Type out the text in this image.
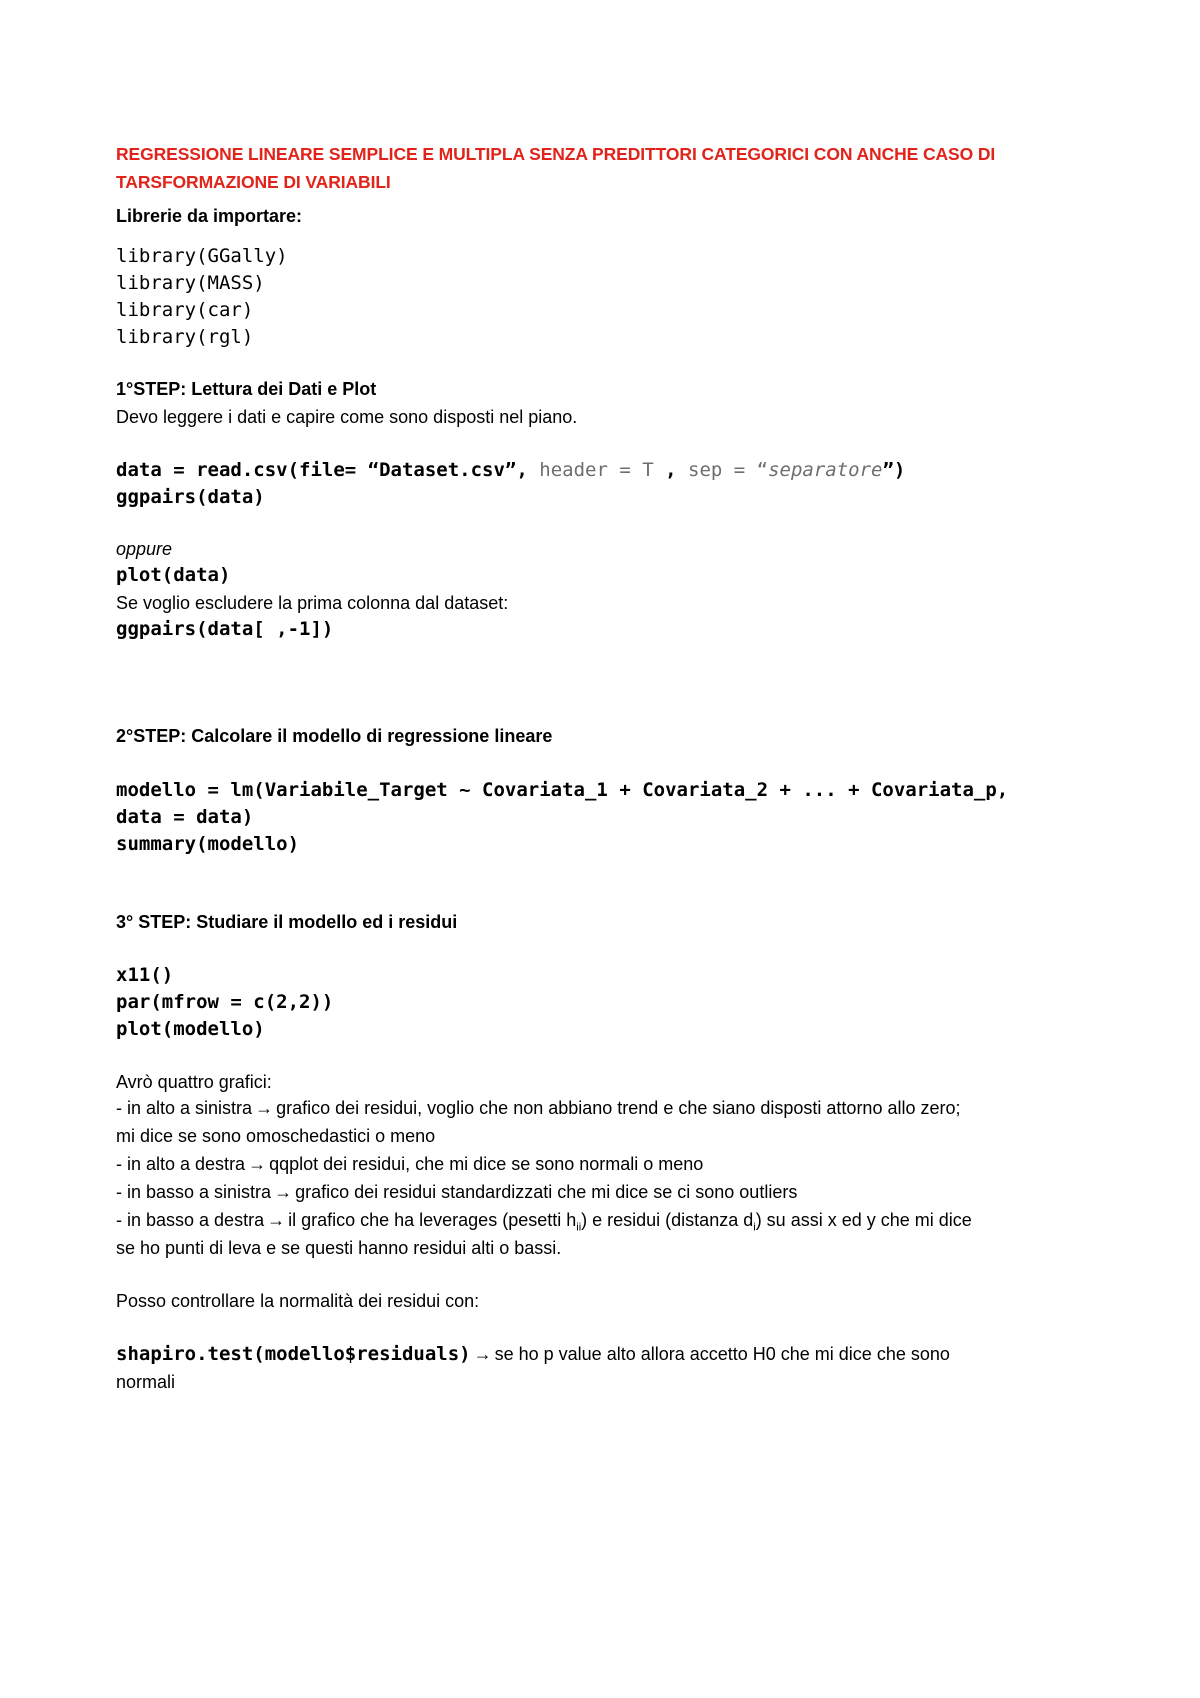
REGRESSIONE LINEARE SEMPLICE E MULTIPLA SENZA PREDITTORI CATEGORICI CON ANCHE CASO DI
TARSFORMAZIONE DI VARIABILI
Librerie da importare:
library(GGally)
library(MASS)
library(car)
library(rgl)
1°STEP: Lettura dei Dati e Plot
Devo leggere i dati e capire come sono disposti nel piano.
data = read.csv(file= “Dataset.csv”, header = T , sep = “separatore”)
ggpairs(data)
oppure
plot(data)
Se voglio escludere la prima colonna dal dataset:
ggpairs(data[ ,-1])
2°STEP: Calcolare il modello di regressione lineare
modello = lm(Variabile_Target ~ Covariata_1 + Covariata_2 + ... + Covariata_p,
data = data)
summary(modello)
3° STEP: Studiare il modello ed i residui
x11()
par(mfrow = c(2,2))
plot(modello)
Avrò quattro grafici:
- in alto a sinistra → grafico dei residui, voglio che non abbiano trend e che siano disposti attorno allo zero;
mi dice se sono omoschedastici o meno
- in alto a destra → qqplot dei residui, che mi dice se sono normali o meno
- in basso a sinistra → grafico dei residui standardizzati che mi dice se ci sono outliers
- in basso a destra → il grafico che ha leverages (pesetti $h_{ii}$) e residui (distanza $d_i$) su assi x ed y che mi dice
se ho punti di leva e se questi hanno residui alti o bassi.
Posso controllare la normalità dei residui con:
shapiro.test(modello$residuals) → se ho p value alto allora accetto H0 che mi dice che sono
normali
